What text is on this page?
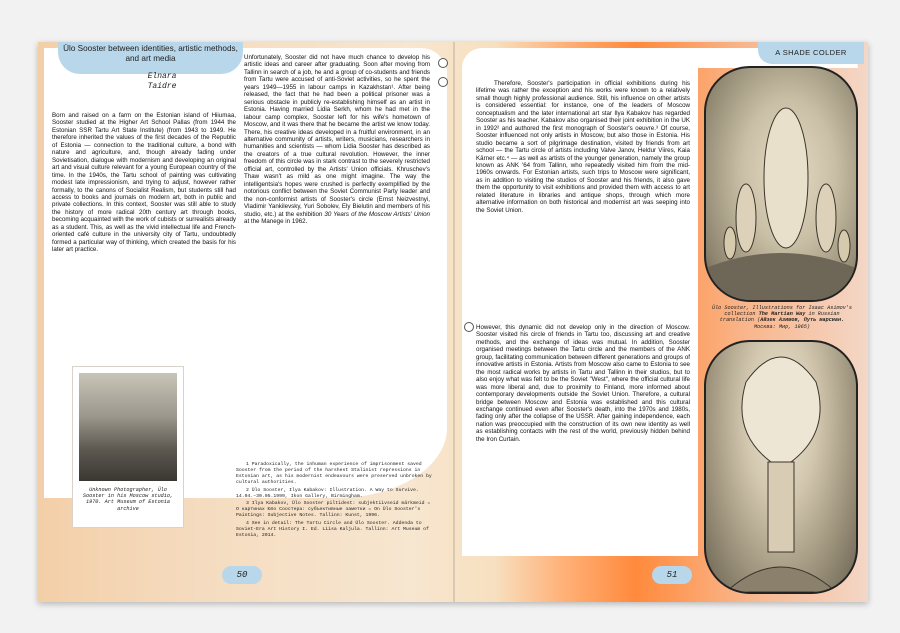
Ülo Sooster between identities, artistic methods, and art media
Elnara Taidre
A SHADE COLDER

Born and raised on a farm on the Estonian island of Hiiumaa, Sooster studied at the Higher Art School Pallas (from 1944 the Estonian SSR Tartu Art State Institute) (from 1943 to 1949. He therefore inherited the values of the first decades of the Republic of Estonia — connection to the traditional culture, a bond with nature and agriculture, and, though already fading under Sovietisation, dialogue with modernism and developing an original art and visual culture relevant for a young European country of the time. In the 1940s, the Tartu school of painting was cultivating modest late impressionism, and trying to adjust, however rather formally, to the canons of Socialist Realism, but students still had access to books and journals on modern art, both in public and private collections. In this context, Sooster was still able to study the history of more radical 20th century art through books, becoming acquainted with the work of cubists or surrealists already as a student. This, as well as the vivid intellectual life and French-oriented café culture in the university city of Tartu, undoubtedly formed a particular way of thinking, which created the basis for his later art practice.

Unfortunately, Sooster did not have much chance to develop his artistic ideas and career after graduating. Soon after moving from Tallinn in search of a job, he and a group of co-students and friends from Tartu were accused of anti-Soviet activities, so he spent the years 1949—1955 in labour camps in Kazakhstan¹. After being released, the fact that he had been a political prisoner was a serious obstacle in publicly re-establishing himself as an artist in Estonia. Having married Lidia Serkh, whom he had met in the labour camp complex, Sooster left for his wife's hometown of Moscow, and it was there that he became the artist we know today. There, his creative ideas developed in a fruitful environment, in an alternative community of artists, writers, musicians, researchers in humanities and scientists — whom Lidia Sooster has described as the creators of a true cultural revolution. However, the inner freedom of this circle was in stark contrast to the severely restricted official art, controlled by the Artists' Union officials. Khruschev's Thaw wasn't as mild as one might imagine. The way the intelligentsia's hopes were crushed is perfectly exemplified by the notorious conflict between the Soviet Communist Party leader and the non-conformist artists of Sooster's circle (Ernst Neizvestnyi, Vladimir Yankilevsky, Yuri Sobolev, Ely Bielutin and members of his studio, etc.) at the exhibition 30 Years of the Moscow Artists' Union at the Manege in 1962.

Unknown Photographer, Ülo Sooster in his Moscow studio, 1970. Art Museum of Estonia archive

1 Paradoxically, the inhuman experience of imprisonment saved Sooster from the period of the harshest Stalinist repressions in Estonian art, as his modernist endeavours were preserved unbroken by cultural authorities.

2 Ülo Sooster, Ilya Kabakov: Illustration. A Way to Survive. 14.04.–30.05.1999, Ikon Gallery, Birmingham.

3 Ilya Kabakov, Ülo Sooster piltidest: subjektiivseid märkmeid = О картинах Юло Соостера: субъективные заметки = On Ülo Sooster's Paintings: Subjective Notes. Tallinn: Kunst, 1996.

4 See in detail: The Tartu Circle and Ülo Sooster. Addenda to Soviet-Era Art History I. Ed. Liisa Kaljula. Tallinn: Art Museum of Estonia, 2014.

50	51

Therefore, Sooster's participation in official exhibitions during his lifetime was rather the exception and his works were known to a relatively small though highly professional audience. Still, his influence on other artists is considered essential: for instance, one of the leaders of Moscow conceptualism and the later international art star Ilya Kabakov has regarded Sooster as his teacher. Kabakov also organised their joint exhibition in the UK in 1992² and authored the first monograph of Sooster's oeuvre.³ Of course, Sooster influenced not only artists in Moscow, but also those in Estonia. His studio became a sort of pilgrimage destination, visited by friends from art school — the Tartu circle of artists including Valve Janov, Heldur Viires, Kaia Kärner etc.⁴ — as well as artists of the younger generation, namely the group known as ANK '64 from Tallinn, who repeatedly visited him from the mid-1960s onwards. For Estonian artists, such trips to Moscow were significant, as in addition to visiting the studios of Sooster and his friends, it also gave them the opportunity to visit exhibitions and provided them with access to art related literature in libraries and antique shops, through which more alternative information on both historical and modernist art was seeping into the Soviet Union.

However, this dynamic did not develop only in the direction of Moscow. Sooster visited his circle of friends in Tartu too, discussing art and creative methods, and the exchange of ideas was mutual. In addition, Sooster organised meetings between the Tartu circle and the members of the ANK group, facilitating communication between different generations and groups of innovative artists in Estonia. Artists from Moscow also came to Estonia to see the most radical works by artists in Tartu and Tallinn in their studios, but to also enjoy what was felt to be the Soviet "West", where the official cultural life was more liberal and, due to proximity to Finland, more informed about contemporary developments outside the Soviet Union. Therefore, a cultural bridge between Moscow and Estonia was established and this cultural exchange continued even after Sooster's death, into the 1970s and 1980s, fading only after the collapse of the USSR. After gaining independence, each nation was preoccupied with the construction of its own new identity as well as establishing contacts with the rest of the world, previously hidden behind the Iron Curtain.

Ülo Sooster, Illustrations for Isaac Asimov's collection The Martian Way in Russian translation (Айзек Азимов, Путь марсиан. Москва: Мир, 1965)
